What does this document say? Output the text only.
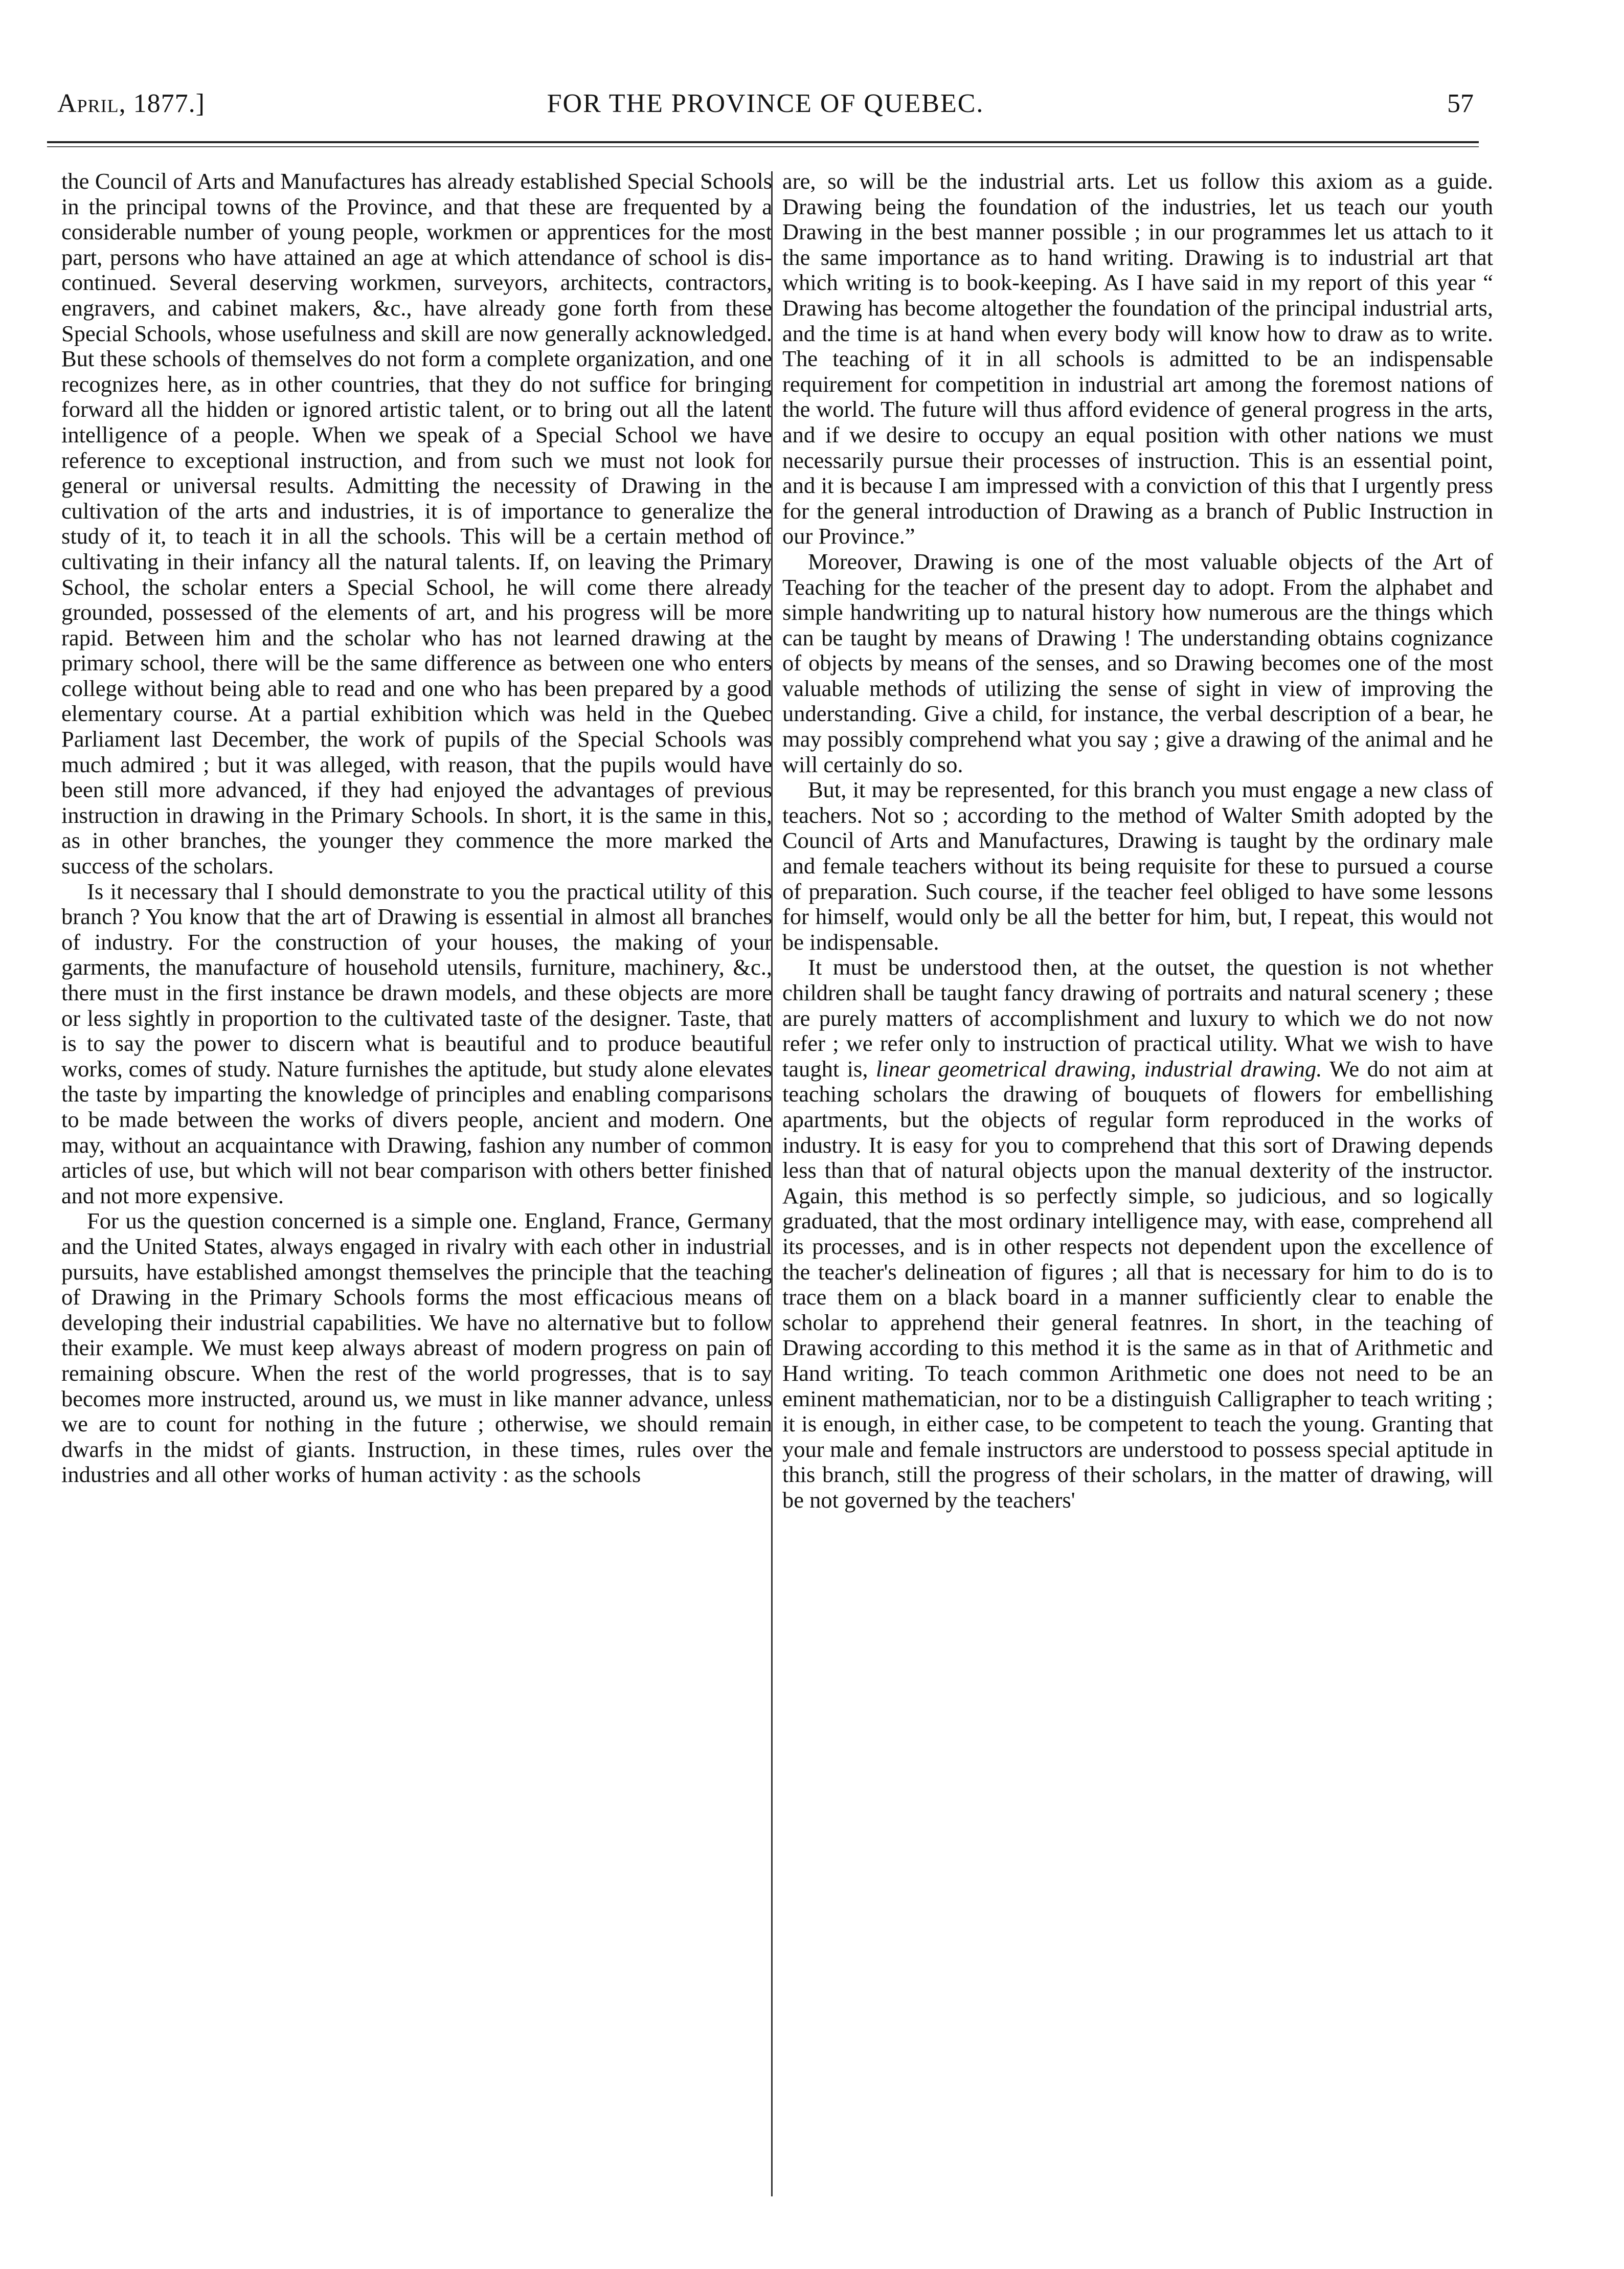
April, 1877.]	FOR THE PROVINCE OF QUEBEC.	57

the Council of Arts and Manufactures has already established Special Schools in the principal towns of the Province, and that these are frequented by a considerable number of young people, workmen or apprentices for the most part, persons who have attained an age at which attendance of school is dis-continued. Several deserving workmen, surveyors, architects, contractors, engravers, and cabinet makers, &c., have already gone forth from these Special Schools, whose usefulness and skill are now generally acknowledged. But these schools of themselves do not form a complete organization, and one recognizes here, as in other countries, that they do not suffice for bringing forward all the hidden or ignored artistic talent, or to bring out all the latent intelligence of a people. When we speak of a Special School we have reference to exceptional instruction, and from such we must not look for general or universal results. Admitting the necessity of Drawing in the cultivation of the arts and industries, it is of importance to generalize the study of it, to teach it in all the schools. This will be a certain method of cultivating in their infancy all the natural talents. If, on leaving the Primary School, the scholar enters a Special School, he will come there already grounded, possessed of the elements of art, and his progress will be more rapid. Between him and the scholar who has not learned drawing at the primary school, there will be the same difference as between one who enters college without being able to read and one who has been prepared by a good elementary course. At a partial exhibition which was held in the Quebec Parliament last December, the work of pupils of the Special Schools was much admired ; but it was alleged, with reason, that the pupils would have been still more advanced, if they had enjoyed the advantages of previous instruction in drawing in the Primary Schools. In short, it is the same in this, as in other branches, the younger they commence the more marked the success of the scholars.

Is it necessary thal I should demonstrate to you the practical utility of this branch ? You know that the art of Drawing is essential in almost all branches of industry. For the construction of your houses, the making of your garments, the manufacture of household utensils, furniture, machinery, &c., there must in the first instance be drawn models, and these objects are more or less sightly in proportion to the cultivated taste of the designer. Taste, that is to say the power to discern what is beautiful and to produce beautiful works, comes of study. Nature furnishes the aptitude, but study alone elevates the taste by imparting the knowledge of principles and enabling comparisons to be made between the works of divers people, ancient and modern. One may, without an acquaintance with Drawing, fashion any number of common articles of use, but which will not bear comparison with others better finished and not more expensive.

For us the question concerned is a simple one. England, France, Germany and the United States, always engaged in rivalry with each other in industrial pursuits, have established amongst themselves the principle that the teaching of Drawing in the Primary Schools forms the most efficacious means of developing their industrial capabilities. We have no alternative but to follow their example. We must keep always abreast of modern progress on pain of remaining obscure. When the rest of the world progresses, that is to say becomes more instructed, around us, we must in like manner advance, unless we are to count for nothing in the future ; otherwise, we should remain dwarfs in the midst of giants. Instruction, in these times, rules over the industries and all other works of human activity : as the schools

are, so will be the industrial arts. Let us follow this axiom as a guide. Drawing being the foundation of the industries, let us teach our youth Drawing in the best manner possible ; in our programmes let us attach to it the same importance as to hand writing. Drawing is to industrial art that which writing is to book-keeping. As I have said in my report of this year “ Drawing has become altogether the foundation of the principal industrial arts, and the time is at hand when every body will know how to draw as to write. The teaching of it in all schools is admitted to be an indispensable requirement for competition in industrial art among the foremost nations of the world. The future will thus afford evidence of general progress in the arts, and if we desire to occupy an equal position with other nations we must necessarily pursue their processes of instruction. This is an essential point, and it is because I am impressed with a conviction of this that I urgently press for the general introduction of Drawing as a branch of Public Instruction in our Province.”

Moreover, Drawing is one of the most valuable objects of the Art of Teaching for the teacher of the present day to adopt. From the alphabet and simple handwriting up to natural history how numerous are the things which can be taught by means of Drawing ! The understanding obtains cognizance of objects by means of the senses, and so Drawing becomes one of the most valuable methods of utilizing the sense of sight in view of improving the understanding. Give a child, for instance, the verbal description of a bear, he may possibly comprehend what you say ; give a drawing of the animal and he will certainly do so.

But, it may be represented, for this branch you must engage a new class of teachers. Not so ; according to the method of Walter Smith adopted by the Council of Arts and Manufactures, Drawing is taught by the ordinary male and female teachers without its being requisite for these to pursued a course of preparation. Such course, if the teacher feel obliged to have some lessons for himself, would only be all the better for him, but, I repeat, this would not be indispensable.

It must be understood then, at the outset, the question is not whether children shall be taught fancy drawing of portraits and natural scenery ; these are purely matters of accomplishment and luxury to which we do not now refer ; we refer only to instruction of practical utility. What we wish to have taught is, linear geometrical drawing, industrial drawing. We do not aim at teaching scholars the drawing of bouquets of flowers for embellishing apartments, but the objects of regular form reproduced in the works of industry. It is easy for you to comprehend that this sort of Drawing depends less than that of natural objects upon the manual dexterity of the instructor. Again, this method is so perfectly simple, so judicious, and so logically graduated, that the most ordinary intelligence may, with ease, comprehend all its processes, and is in other respects not dependent upon the excellence of the teacher's delineation of figures ; all that is necessary for him to do is to trace them on a black board in a manner sufficiently clear to enable the scholar to apprehend their general featnres. In short, in the teaching of Drawing according to this method it is the same as in that of Arithmetic and Hand writing. To teach common Arithmetic one does not need to be an eminent mathematician, nor to be a distinguish Calligrapher to teach writing ; it is enough, in either case, to be competent to teach the young. Granting that your male and female instructors are understood to possess special aptitude in this branch, still the progress of their scholars, in the matter of drawing, will be not governed by the teachers'
